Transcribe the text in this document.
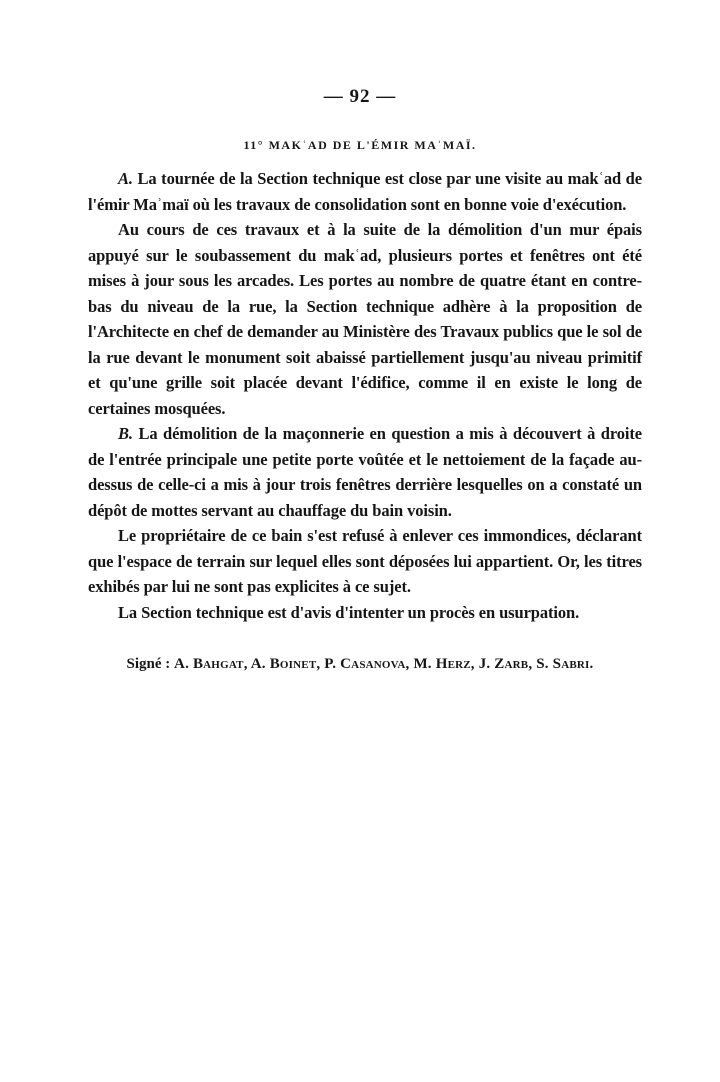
— 92 —
11° MAKʿAD DE L'ÉMIR MAʾMAÏ.

A. La tournée de la Section technique est close par une visite au makʿad de l'émir Maʾmaï où les travaux de consolidation sont en bonne voie d'exécution.

Au cours de ces travaux et à la suite de la démolition d'un mur épais appuyé sur le soubassement du makʿad, plusieurs portes et fenêtres ont été mises à jour sous les arcades. Les portes au nombre de quatre étant en contre-bas du niveau de la rue, la Section technique adhère à la proposition de l'Architecte en chef de demander au Ministère des Travaux publics que le sol de la rue devant le monument soit abaissé partiellement jusqu'au niveau primitif et qu'une grille soit placée devant l'édifice, comme il en existe le long de certaines mosquées.

B. La démolition de la maçonnerie en question a mis à découvert à droite de l'entrée principale une petite porte voûtée et le nettoiement de la façade au-dessus de celle-ci a mis à jour trois fenêtres derrière lesquelles on a constaté un dépôt de mottes servant au chauffage du bain voisin.

Le propriétaire de ce bain s'est refusé à enlever ces immondices, déclarant que l'espace de terrain sur lequel elles sont déposées lui appartient. Or, les titres exhibés par lui ne sont pas explicites à ce sujet.

La Section technique est d'avis d'intenter un procès en usurpation.

Signé : A. Bahgat, A. Boinet, P. Casanova, M. Herz, J. Zarb, S. Sabri.
